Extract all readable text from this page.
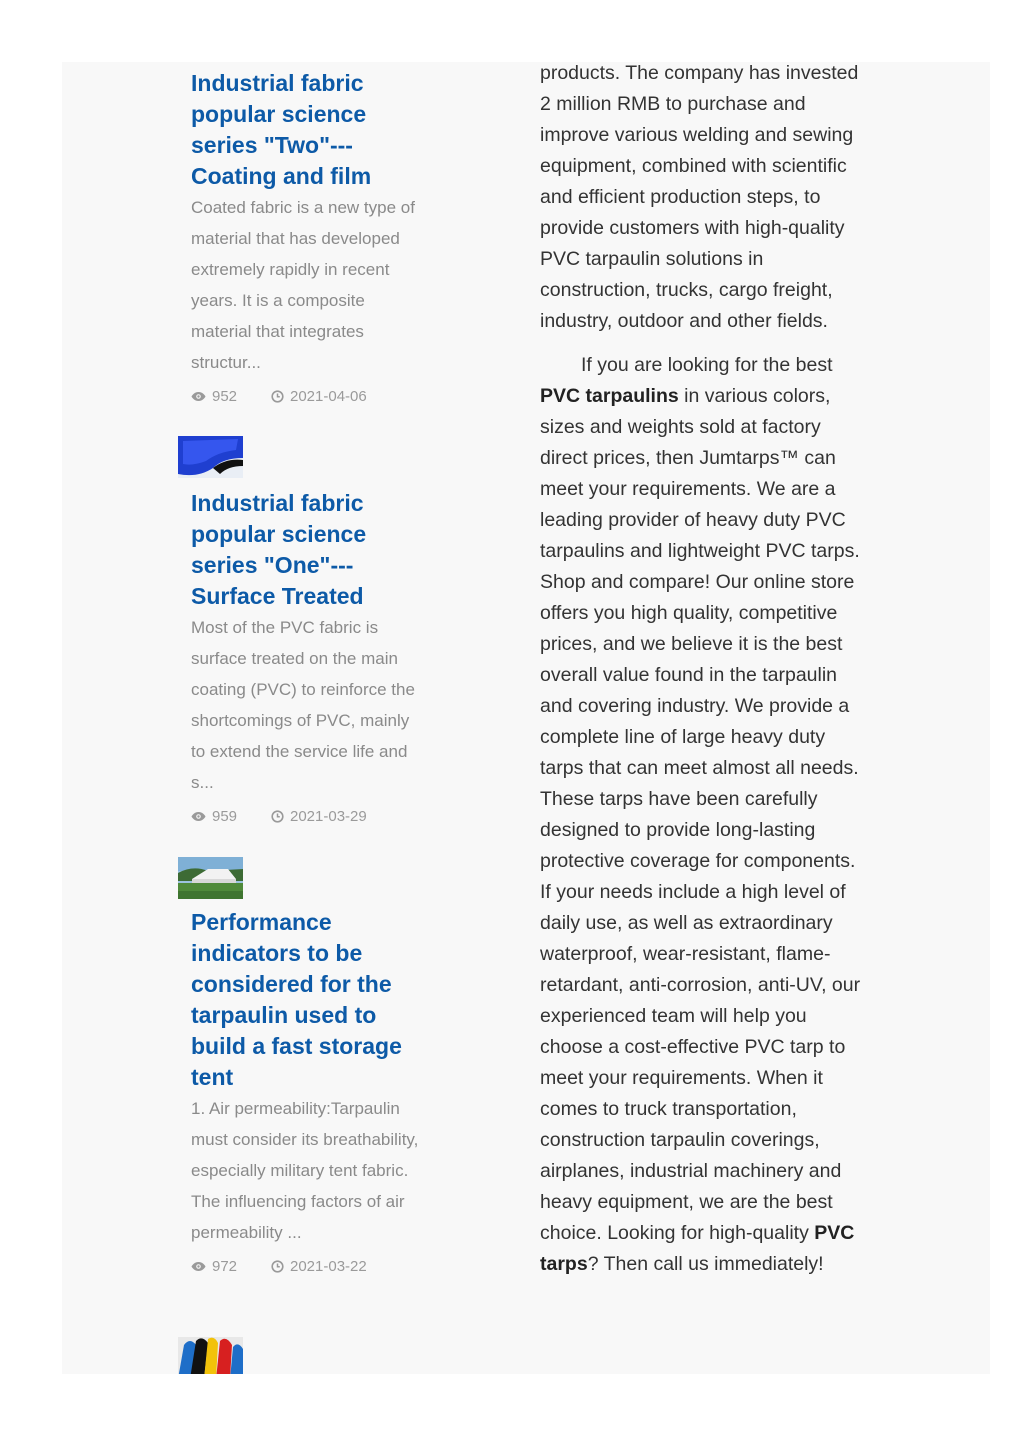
Industrial fabric popular science series "Two"---Coating and film
Coated fabric is a new type of material that has developed extremely rapidly in recent years. It is a composite material that integrates structur...
952	2021-04-06
Industrial fabric popular science series "One"---Surface Treated
Most of the PVC fabric is surface treated on the main coating (PVC) to reinforce the shortcomings of PVC, mainly to extend the service life and s...
959	2021-03-29
Performance indicators to be considered for the tarpaulin used to build a fast storage tent
1. Air permeability:Tarpaulin must consider its breathability, especially military tent fabric. The influencing factors of air permeability ...
972	2021-03-22

products. The company has invested 2 million RMB to purchase and improve various welding and sewing equipment, combined with scientific and efficient production steps, to provide customers with high-quality PVC tarpaulin solutions in construction, trucks, cargo freight, industry, outdoor and other fields.

If you are looking for the best PVC tarpaulins in various colors, sizes and weights sold at factory direct prices, then Jumtarps™ can meet your requirements. We are a leading provider of heavy duty PVC tarpaulins and lightweight PVC tarps. Shop and compare! Our online store offers you high quality, competitive prices, and we believe it is the best overall value found in the tarpaulin and covering industry. We provide a complete line of large heavy duty tarps that can meet almost all needs. These tarps have been carefully designed to provide long-lasting protective coverage for components. If your needs include a high level of daily use, as well as extraordinary waterproof, wear-resistant, flame-retardant, anti-corrosion, anti-UV, our experienced team will help you choose a cost-effective PVC tarp to meet your requirements. When it comes to truck transportation, construction tarpaulin coverings, airplanes, industrial machinery and heavy equipment, we are the best choice. Looking for high-quality PVC tarps? Then call us immediately!
